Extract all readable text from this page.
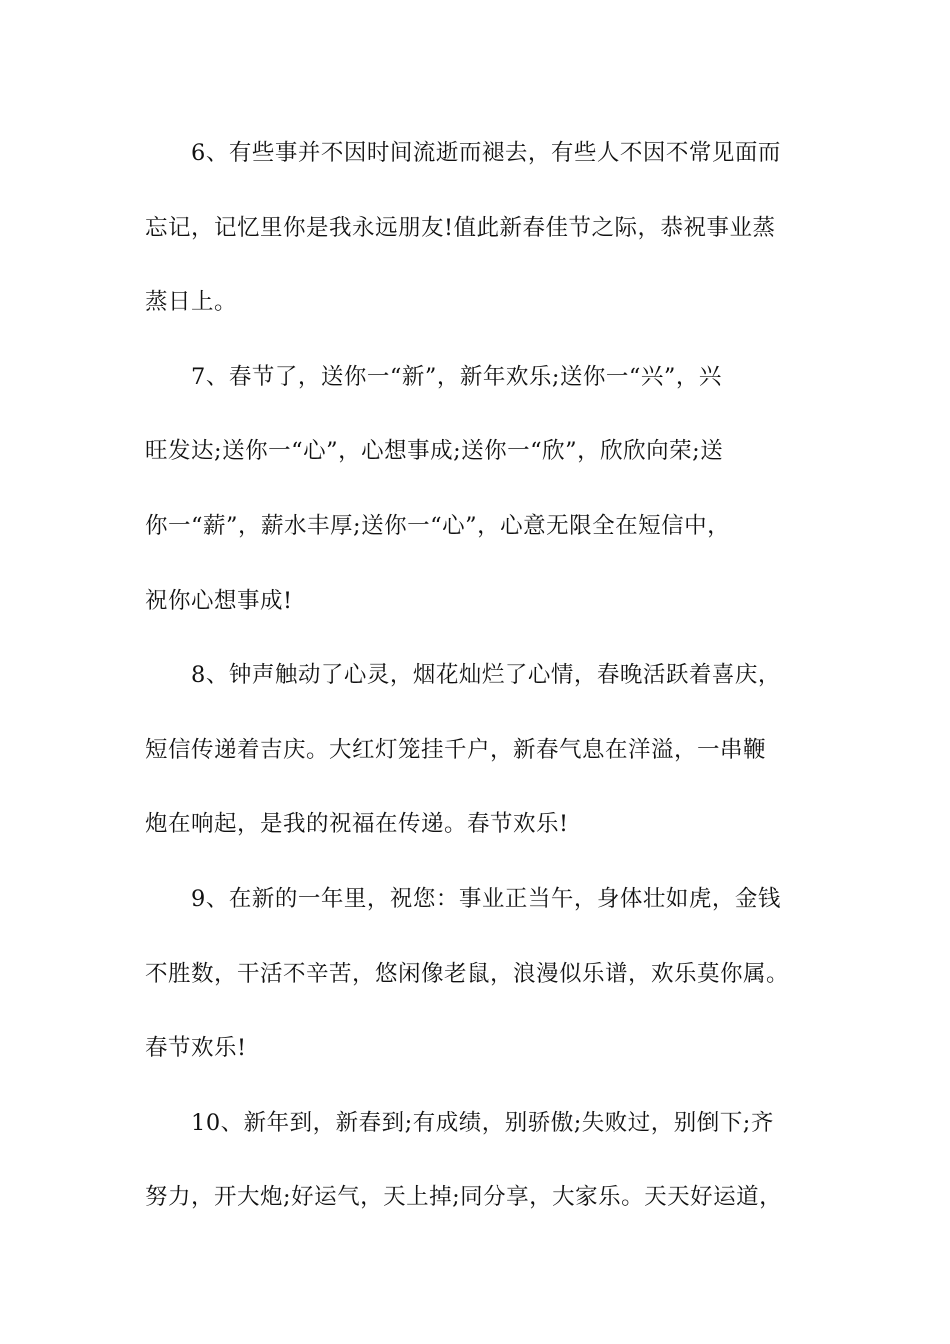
6、有些事并不因时间流逝而褪去，有些人不因不常见面而
忘记，记忆里你是我永远朋友!值此新春佳节之际，恭祝事业蒸
蒸日上。
7、春节了，送你一“新”，新年欢乐;送你一“兴”，兴
旺发达;送你一“心”，心想事成;送你一“欣”，欣欣向荣;送
你一“薪”，薪水丰厚;送你一“心”，心意无限全在短信中，
祝你心想事成!
8、钟声触动了心灵，烟花灿烂了心情，春晚活跃着喜庆，
短信传递着吉庆。大红灯笼挂千户，新春气息在洋溢，一串鞭
炮在响起，是我的祝福在传递。春节欢乐!
9、在新的一年里，祝您：事业正当午，身体壮如虎，金钱
不胜数，干活不辛苦，悠闲像老鼠，浪漫似乐谱，欢乐莫你属。
春节欢乐!
10、新年到，新春到;有成绩，别骄傲;失败过，别倒下;齐
努力，开大炮;好运气，天上掉;同分享，大家乐。天天好运道，
